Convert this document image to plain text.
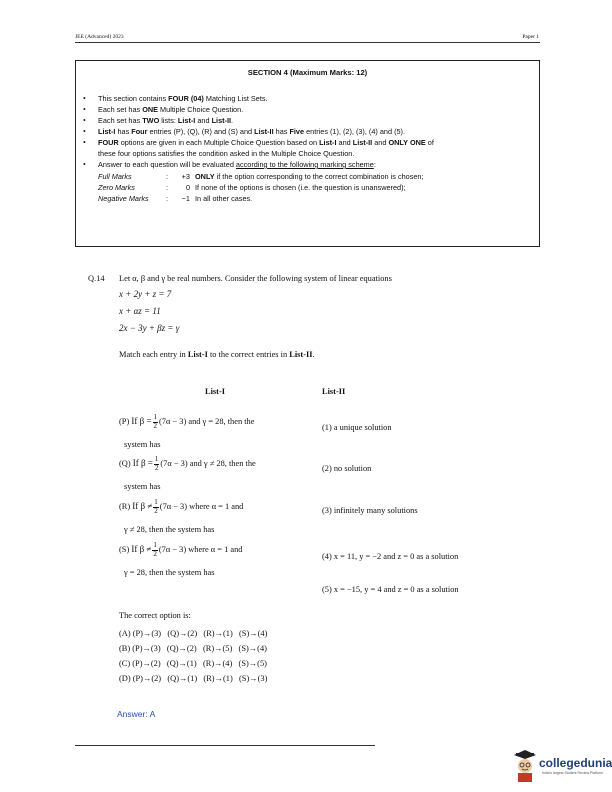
JEE (Advanced) 2023	Paper 1
SECTION 4 (Maximum Marks: 12)
• This section contains FOUR (04) Matching List Sets.
• Each set has ONE Multiple Choice Question.
• Each set has TWO lists: List-I and List-II.
• List-I has Four entries (P), (Q), (R) and (S) and List-II has Five entries (1), (2), (3), (4) and (5).
• FOUR options are given in each Multiple Choice Question based on List-I and List-II and ONLY ONE of
these four options satisfies the condition asked in the Multiple Choice Question.
• Answer to each question will be evaluated according to the following marking scheme:
Full Marks	:	+3 ONLY if the option corresponding to the correct combination is chosen;
Zero Marks	:	0 If none of the options is chosen (i.e. the question is unanswered);
Negative Marks :	−1 In all other cases.
Q.14 Let α, β and γ be real numbers. Consider the following system of linear equations
x + 2y + z = 7
x + αz = 11
2x − 3y + βz = γ
Match each entry in List-I to the correct entries in List-II.
List-I	List-II
(P) If $\beta = \frac{1}{2} (7\alpha - 3)$ and γ = 28, then the
system has
(Q) If $\beta = \frac{1}{2} (7\alpha - 3)$ and γ ≠ 28, then the
system has
(R) If $\beta \ne \frac{1}{2} (7\alpha - 3)$ where α = 1 and
γ ≠ 28, then the system has
(S) If $\beta \ne \frac{1}{2} (7\alpha - 3)$ where α = 1 and
γ = 28, then the system has
(1) a unique solution
(2) no solution
(3) infinitely many solutions
(4) x = 11, y = −2 and z = 0 as a solution
(5) x = −15, y = 4 and z = 0 as a solution
The correct option is:
(A) (P)→(3)   (Q)→(2)   (R)→(1)   (S)→(4)
(B) (P)→(3)   (Q)→(2)   (R)→(5)   (S)→(4)
(C) (P)→(2)   (Q)→(1)   (R)→(4)   (S)→(5)
(D) (P)→(2)   (Q)→(1)   (R)→(1)   (S)→(3)
Answer: A
collegedunia
India's largest Student Review Platform
